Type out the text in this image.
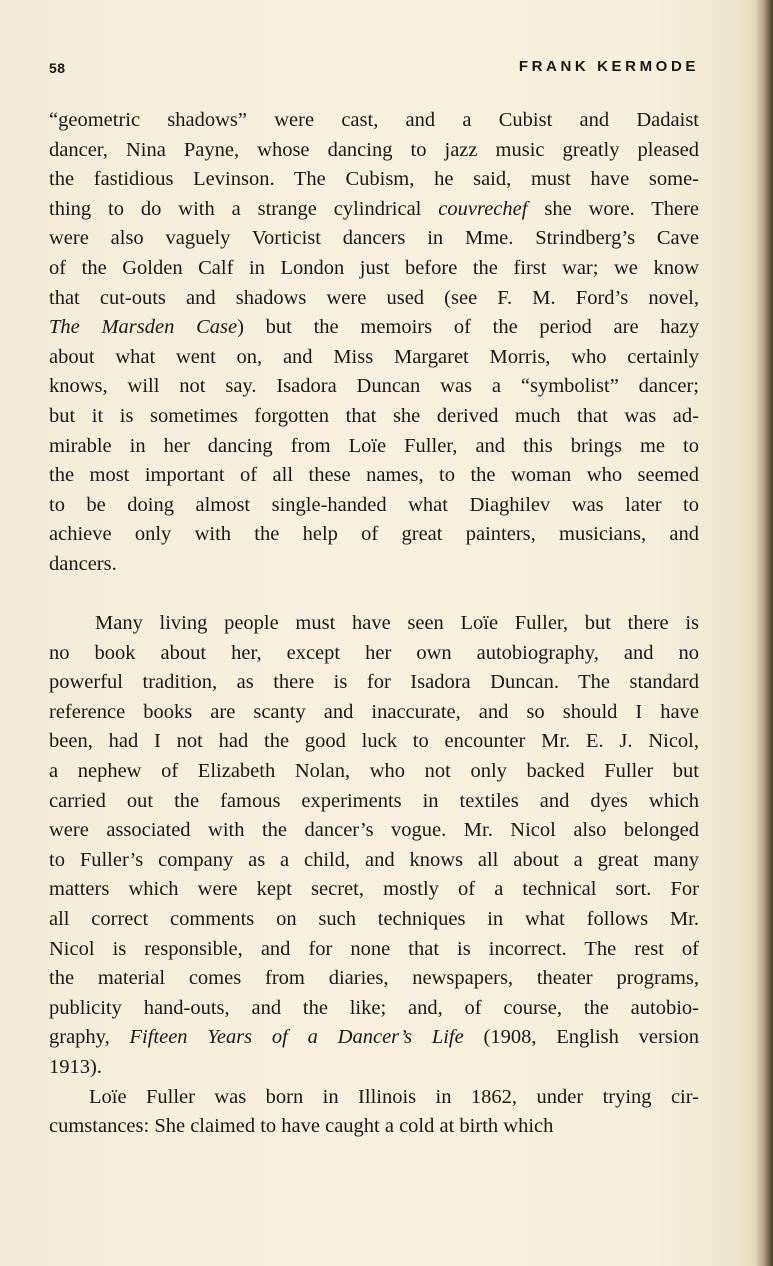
58	FRANK KERMODE
“geometric shadows” were cast, and a Cubist and Dadaist
dancer, Nina Payne, whose dancing to jazz music greatly pleased
the fastidious Levinson. The Cubism, he said, must have some-
thing to do with a strange cylindrical couvrechef she wore. There
were also vaguely Vorticist dancers in Mme. Strindberg’s Cave
of the Golden Calf in London just before the first war; we know
that cut-outs and shadows were used (see F. M. Ford’s novel,
The Marsden Case) but the memoirs of the period are hazy
about what went on, and Miss Margaret Morris, who certainly
knows, will not say. Isadora Duncan was a “symbolist” dancer;
but it is sometimes forgotten that she derived much that was ad-
mirable in her dancing from Loïe Fuller, and this brings me to
the most important of all these names, to the woman who seemed
to be doing almost single-handed what Diaghilev was later to
achieve only with the help of great painters, musicians, and
dancers.
Many living people must have seen Loïe Fuller, but there is
no book about her, except her own autobiography, and no
powerful tradition, as there is for Isadora Duncan. The standard
reference books are scanty and inaccurate, and so should I have
been, had I not had the good luck to encounter Mr. E. J. Nicol,
a nephew of Elizabeth Nolan, who not only backed Fuller but
carried out the famous experiments in textiles and dyes which
were associated with the dancer’s vogue. Mr. Nicol also belonged
to Fuller’s company as a child, and knows all about a great many
matters which were kept secret, mostly of a technical sort. For
all correct comments on such techniques in what follows Mr.
Nicol is responsible, and for none that is incorrect. The rest of
the material comes from diaries, newspapers, theater programs,
publicity hand-outs, and the like; and, of course, the autobio-
graphy, Fifteen Years of a Dancer’s Life (1908, English version
1913).
Loïe Fuller was born in Illinois in 1862, under trying cir-
cumstances: She claimed to have caught a cold at birth which
